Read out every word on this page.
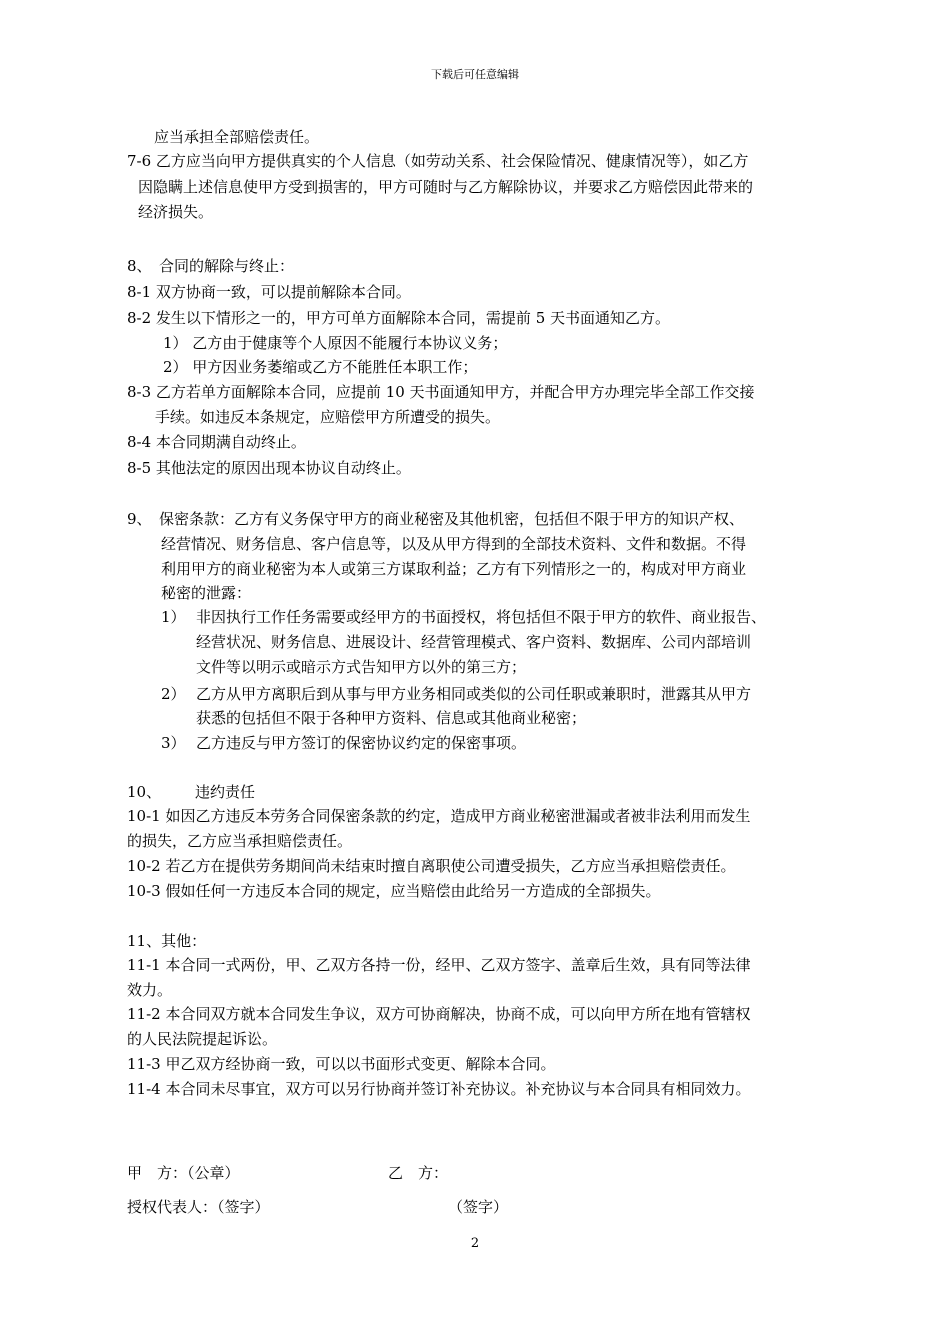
下载后可任意编辑
应当承担全部赔偿责任。
7-6 乙方应当向甲方提供真实的个人信息（如劳动关系、社会保险情况、健康情况等），如乙方
因隐瞒上述信息使甲方受到损害的，甲方可随时与乙方解除协议，并要求乙方赔偿因此带来的
经济损失。
8、　合同的解除与终止：
8-1 双方协商一致，可以提前解除本合同。
8-2 发生以下情形之一的，甲方可单方面解除本合同，需提前 5 天书面通知乙方。
1） 乙方由于健康等个人原因不能履行本协议义务；
2） 甲方因业务萎缩或乙方不能胜任本职工作；
8-3 乙方若单方面解除本合同，应提前 10 天书面通知甲方，并配合甲方办理完毕全部工作交接
手续。如违反本条规定，应赔偿甲方所遭受的损失。
8-4 本合同期满自动终止。
8-5 其他法定的原因出现本协议自动终止。
9、　保密条款：乙方有义务保守甲方的商业秘密及其他机密，包括但不限于甲方的知识产权、
经营情况、财务信息、客户信息等，以及从甲方得到的全部技术资料、文件和数据。不得
利用甲方的商业秘密为本人或第三方谋取利益；乙方有下列情形之一的，构成对甲方商业
秘密的泄露：
1） 非因执行工作任务需要或经甲方的书面授权，将包括但不限于甲方的软件、商业报告、
经营状况、财务信息、进展设计、经营管理模式、客户资料、数据库、公司内部培训
文件等以明示或暗示方式告知甲方以外的第三方；
2） 乙方从甲方离职后到从事与甲方业务相同或类似的公司任职或兼职时，泄露其从甲方
获悉的包括但不限于各种甲方资料、信息或其他商业秘密；
3） 乙方违反与甲方签订的保密协议约定的保密事项。
10、 违约责任
10-1 如因乙方违反本劳务合同保密条款的约定，造成甲方商业秘密泄漏或者被非法利用而发生
的损失，乙方应当承担赔偿责任。
10-2 若乙方在提供劳务期间尚未结束时擅自离职使公司遭受损失，乙方应当承担赔偿责任。
10-3 假如任何一方违反本合同的规定，应当赔偿由此给另一方造成的全部损失。
11、其他：
11-1 本合同一式两份，甲、乙双方各持一份，经甲、乙双方签字、盖章后生效，具有同等法律
效力。
11-2 本合同双方就本合同发生争议，双方可协商解决，协商不成，可以向甲方所在地有管辖权
的人民法院提起诉讼。
11-3 甲乙双方经协商一致，可以以书面形式变更、解除本合同。
11-4 本合同未尽事宜，双方可以另行协商并签订补充协议。补充协议与本合同具有相同效力。
甲　方：（公章）	乙　方：
授权代表人：（签字）	（签字）
2
